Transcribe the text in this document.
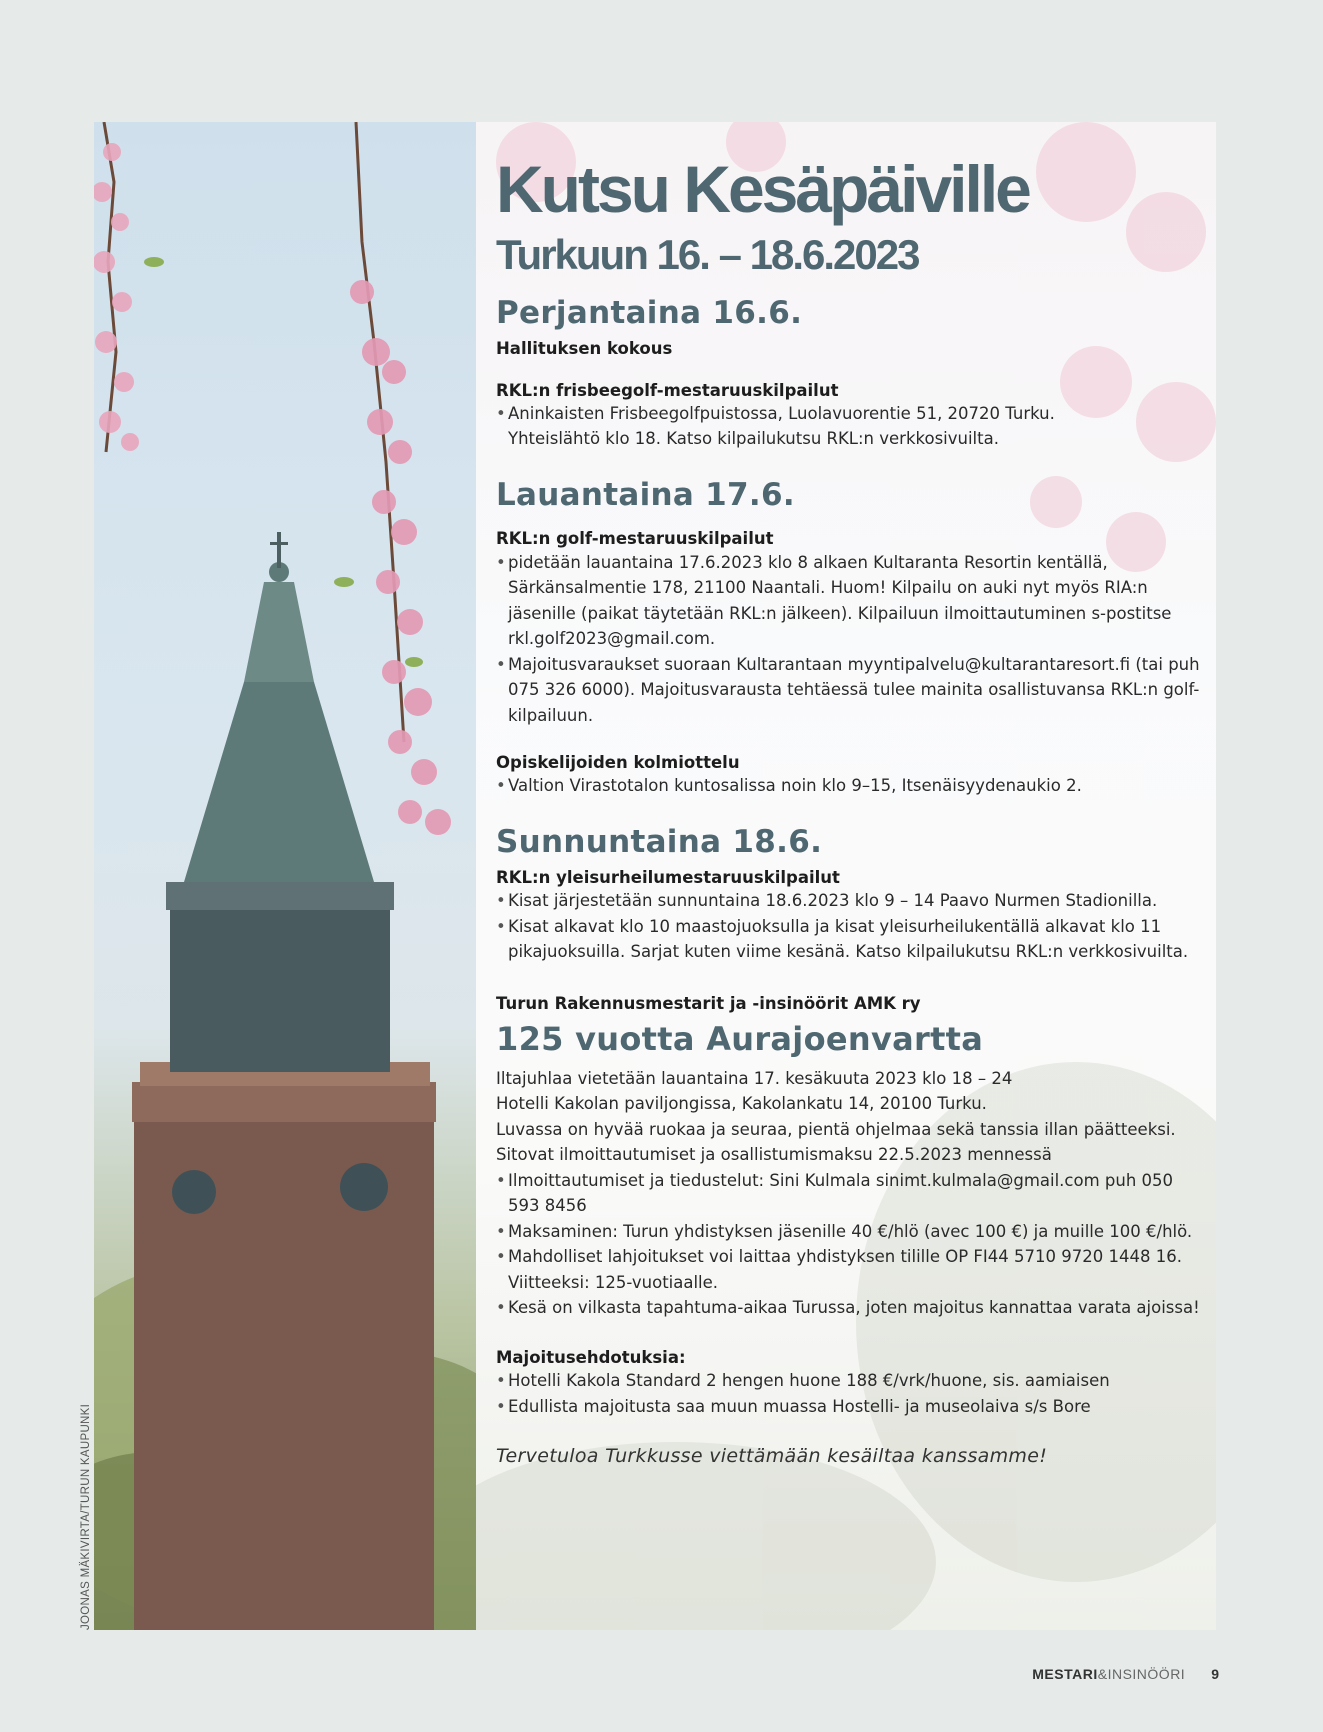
Kutsu Kesäpäiville
Turkuun 16. – 18.6.2023
Perjantaina 16.6.
Hallituksen kokous
RKL:n frisbeegolf-mestaruuskilpailut
• Aninkaisten Frisbeegolfpuistossa, Luolavuorentie 51, 20720 Turku. Yhteislähtö klo 18. Katso kilpailukutsu RKL:n verkkosivuilta.
Lauantaina 17.6.
RKL:n golf-mestaruuskilpailut
• pidetään lauantaina 17.6.2023 klo 8 alkaen Kultaranta Resortin kentällä, Särkänsalmentie 178, 21100 Naantali. Huom! Kilpailu on auki nyt myös RIA:n jäsenille (paikat täytetään RKL:n jälkeen). Kilpailuun ilmoittautuminen s-postitse rkl.golf2023@gmail.com.
• Majoitusvaraukset suoraan Kultarantaan myyntipalvelu@kultarantaresort.fi (tai puh 075 326 6000). Majoitusvarausta tehtäessä tulee mainita osallistuvansa RKL:n golf-kilpailuun.
Opiskelijoiden kolmiottelu
• Valtion Virastotalon kuntosalissa noin klo 9–15, Itsenäisyydenaukio 2.
Sunnuntaina 18.6.
RKL:n yleisurheilumestaruuskilpailut
• Kisat järjestetään sunnuntaina 18.6.2023 klo 9 – 14 Paavo Nurmen Stadionilla.
• Kisat alkavat klo 10 maastojuoksulla ja kisat yleisurheilukentällä alkavat klo 11 pikajuoksuilla. Sarjat kuten viime kesänä. Katso kilpailukutsu RKL:n verkkosivuilta.
Turun Rakennusmestarit ja -insinöörit AMK ry
125 vuotta Aurajoenvartta
Iltajuhlaa vietetään lauantaina 17. kesäkuuta 2023 klo 18 – 24
Hotelli Kakolan paviljongissa, Kakolankatu 14, 20100 Turku.
Luvassa on hyvää ruokaa ja seuraa, pientä ohjelmaa sekä tanssia illan päätteeksi.
Sitovat ilmoittautumiset ja osallistumismaksu 22.5.2023 mennessä
• Ilmoittautumiset ja tiedustelut: Sini Kulmala sinimt.kulmala@gmail.com puh 050 593 8456
• Maksaminen: Turun yhdistyksen jäsenille 40 €/hlö (avec 100 €) ja muille 100 €/hlö.
• Mahdolliset lahjoitukset voi laittaa yhdistyksen tilille OP FI44 5710 9720 1448 16. Viitteeksi: 125-vuotiaalle.
• Kesä on vilkasta tapahtuma-aikaa Turussa, joten majoitus kannattaa varata ajoissa!
Majoitusehdotuksia:
• Hotelli Kakola Standard 2 hengen huone 188 €/vrk/huone, sis. aamiaisen
• Edullista majoitusta saa muun muassa Hostelli- ja museolaiva s/s Bore
Tervetuloa Turkkusse viettämään kesäiltaa kanssamme!
JOONAS MÄKIVIRTA/TURUN KAUPUNKI
MESTARI&INSINÖÖRI 9
